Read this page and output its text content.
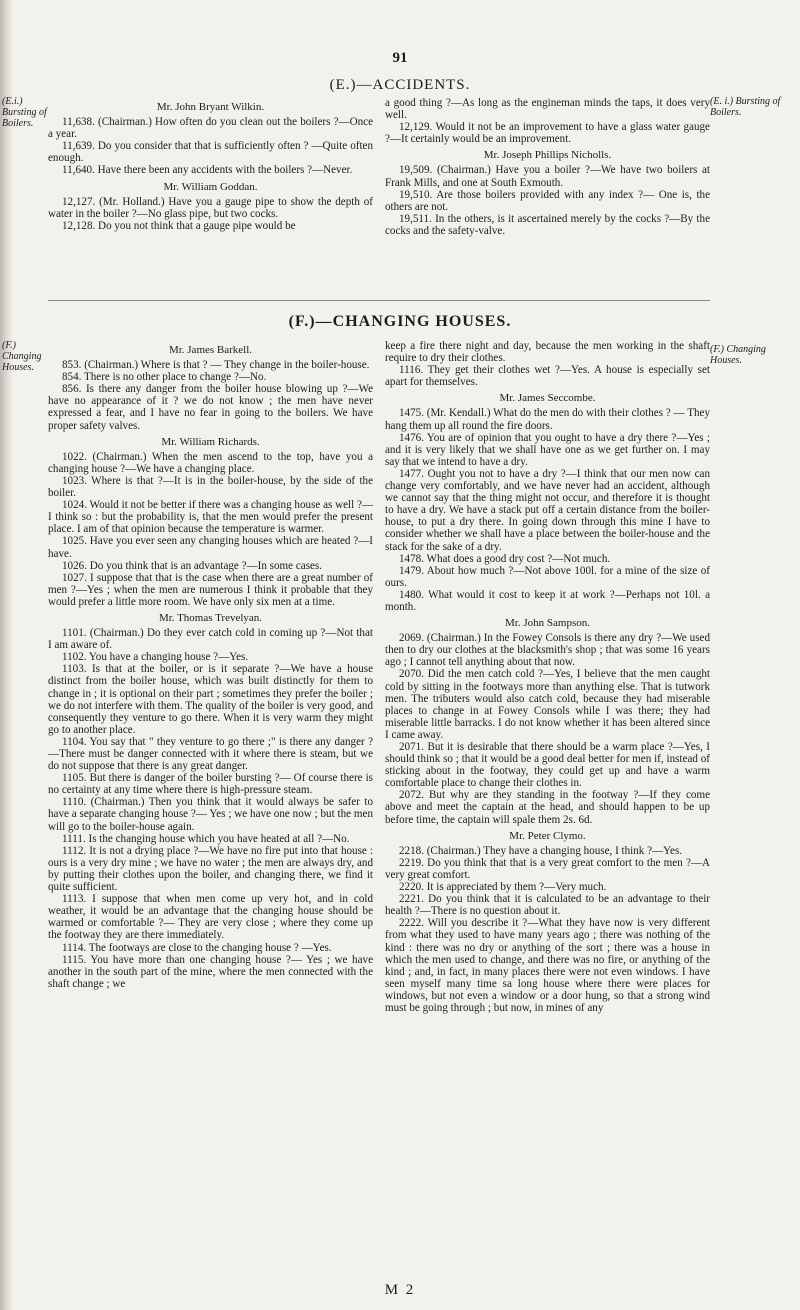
91
(E.)—ACCIDENTS.
(E.i.) Bursting of Boilers.
(E. i.) Bursting of Boilers.

Mr. John Bryant Wilkin.

11,638. (Chairman.) How often do you clean out the boilers ?—Once a year.

11,639. Do you consider that that is sufficiently often ? —Quite often enough.

11,640. Have there been any accidents with the boilers ?—Never.

Mr. William Goddan.

12,127. (Mr. Holland.) Have you a gauge pipe to show the depth of water in the boiler ?—No glass pipe, but two cocks.

12,128. Do you not think that a gauge pipe would be

a good thing ?—As long as the engineman minds the taps, it does very well.

12,129. Would it not be an improvement to have a glass water gauge ?—It certainly would be an improvement.

Mr. Joseph Phillips Nicholls.

19,509. (Chairman.) Have you a boiler ?—We have two boilers at Frank Mills, and one at South Exmouth.

19,510. Are those boilers provided with any index ?— One is, the others are not.

19,511. In the others, is it ascertained merely by the cocks ?—By the cocks and the safety-valve.

(F.)—CHANGING HOUSES.
(F.) Changing Houses.
(F.) Changing Houses.

Mr. James Barkell.

853. (Chairman.) Where is that ? — They change in the boiler-house.

854. There is no other place to change ?—No.

856. Is there any danger from the boiler house blowing up ?—We have no appearance of it ? we do not know ; the men have never expressed a fear, and I have no fear in going to the boilers. We have proper safety valves.

Mr. William Richards.

1022. (Chairman.) When the men ascend to the top, have you a changing house ?—We have a changing place.

1023. Where is that ?—It is in the boiler-house, by the side of the boiler.

1024. Would it not be better if there was a changing house as well ?—I think so : but the probability is, that the men would prefer the present place. I am of that opinion because the temperature is warmer.

1025. Have you ever seen any changing houses which are heated ?—I have.

1026. Do you think that is an advantage ?—In some cases.

1027. I suppose that that is the case when there are a great number of men ?—Yes ; when the men are numerous I think it probable that they would prefer a little more room. We have only six men at a time.

Mr. Thomas Trevelyan.

1101. (Chairman.) Do they ever catch cold in coming up ?—Not that I am aware of.

1102. You have a changing house ?—Yes.

1103. Is that at the boiler, or is it separate ?—We have a house distinct from the boiler house, which was built distinctly for them to change in ; it is optional on their part ; sometimes they prefer the boiler ; we do not interfere with them. The quality of the boiler is very good, and consequently they venture to go there. When it is very warm they might go to another place.

1104. You say that " they venture to go there ;" is there any danger ?—There must be danger connected with it where there is steam, but we do not suppose that there is any great danger.

1105. But there is danger of the boiler bursting ?— Of course there is no certainty at any time where there is high-pressure steam.

1110. (Chairman.) Then you think that it would always be safer to have a separate changing house ?— Yes ; we have one now ; but the men will go to the boiler-house again.

1111. Is the changing house which you have heated at all ?—No.

1112. It is not a drying place ?—We have no fire put into that house : ours is a very dry mine ; we have no water ; the men are always dry, and by putting their clothes upon the boiler, and changing there, we find it quite sufficient.

1113. I suppose that when men come up very hot, and in cold weather, it would be an advantage that the changing house should be warmed or comfortable ?— They are very close ; where they come up the footway they are there immediately.

1114. The footways are close to the changing house ? —Yes.

1115. You have more than one changing house ?— Yes ; we have another in the south part of the mine, where the men connected with the shaft change ; we

keep a fire there night and day, because the men working in the shaft require to dry their clothes.

1116. They get their clothes wet ?—Yes. A house is especially set apart for themselves.

Mr. James Seccombe.

1475. (Mr. Kendall.) What do the men do with their clothes ? — They hang them up all round the fire doors.

1476. You are of opinion that you ought to have a dry there ?—Yes ; and it is very likely that we shall have one as we get further on. I may say that we intend to have a dry.

1477. Ought you not to have a dry ?—I think that our men now can change very comfortably, and we have never had an accident, although we cannot say that the thing might not occur, and therefore it is thought to have a dry. We have a stack put off a certain distance from the boiler-house, to put a dry there. In going down through this mine I have to consider whether we shall have a place between the boiler-house and the stack for the sake of a dry.

1478. What does a good dry cost ?—Not much.

1479. About how much ?—Not above 100l. for a mine of the size of ours.

1480. What would it cost to keep it at work ?—Perhaps not 10l. a month.

Mr. John Sampson.

2069. (Chairman.) In the Fowey Consols is there any dry ?—We used then to dry our clothes at the blacksmith's shop ; that was some 16 years ago ; I cannot tell anything about that now.

2070. Did the men catch cold ?—Yes, I believe that the men caught cold by sitting in the footways more than anything else. That is tutwork men. The tributers would also catch cold, because they had miserable places to change in at Fowey Consols while I was there; they had miserable little barracks. I do not know whether it has been altered since I came away.

2071. But it is desirable that there should be a warm place ?—Yes, I should think so ; that it would be a good deal better for men if, instead of sticking about in the footway, they could get up and have a warm comfortable place to change their clothes in.

2072. But why are they standing in the footway ?—If they come above and meet the captain at the head, and should happen to be up before time, the captain will spale them 2s. 6d.

Mr. Peter Clymo.

2218. (Chairman.) They have a changing house, I think ?—Yes.

2219. Do you think that that is a very great comfort to the men ?—A very great comfort.

2220. It is appreciated by them ?—Very much.

2221. Do you think that it is calculated to be an advantage to their health ?—There is no question about it.

2222. Will you describe it ?—What they have now is very different from what they used to have many years ago ; there was nothing of the kind : there was no dry or anything of the sort ; there was a house in which the men used to change, and there was no fire, or anything of the kind ; and, in fact, in many places there were not even windows. I have seen myself many time sa long house where there were places for windows, but not even a window or a door hung, so that a strong wind must be going through ; but now, in mines of any

M 2
